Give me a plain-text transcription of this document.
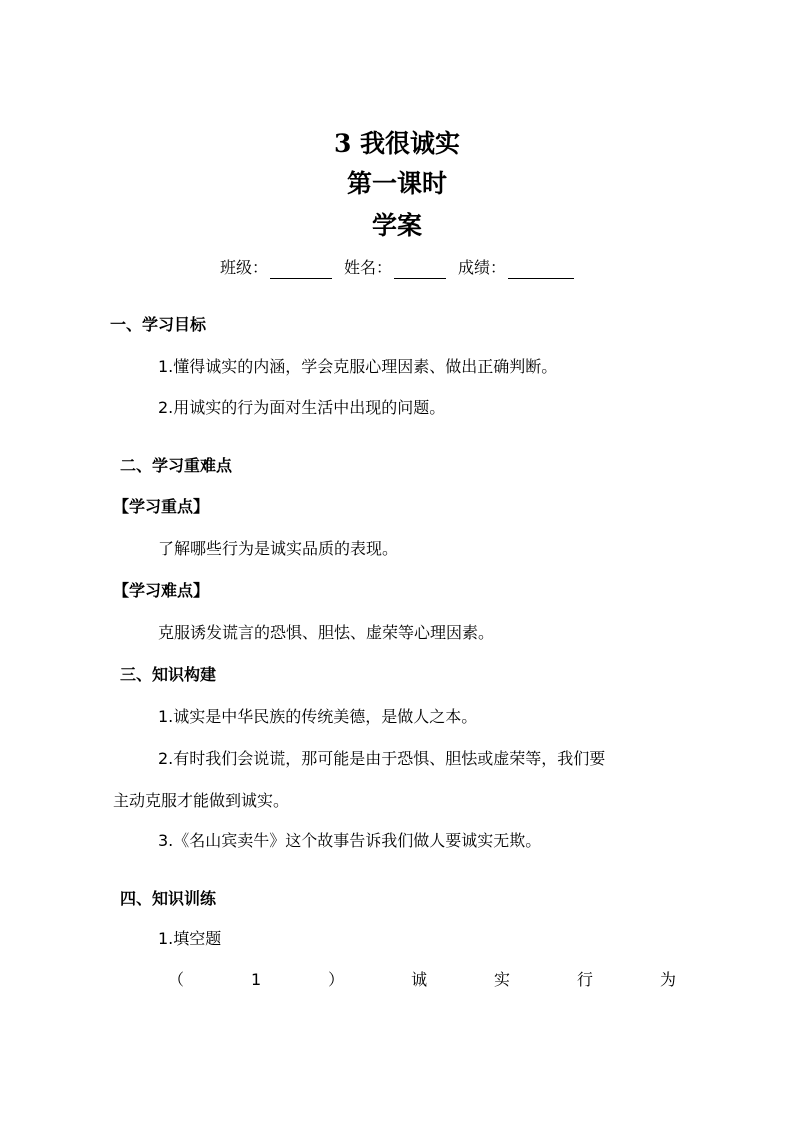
3 我很诚实
第一课时
学案
班级：	姓名：	成绩：

一、学习目标

1.懂得诚实的内涵，学会克服心理因素、做出正确判断。

2.用诚实的行为面对生活中出现的问题。

二、学习重难点

【学习重点】

了解哪些行为是诚实品质的表现。

【学习难点】

克服诱发谎言的恐惧、胆怯、虚荣等心理因素。

三、知识构建

1.诚实是中华民族的传统美德，是做人之本。

2.有时我们会说谎，那可能是由于恐惧、胆怯或虚荣等，我们要

主动克服才能做到诚实。

3.《名山宾卖牛》这个故事告诉我们做人要诚实无欺。

四、知识训练

1.填空题

（	1	）	诚	实	行	为
